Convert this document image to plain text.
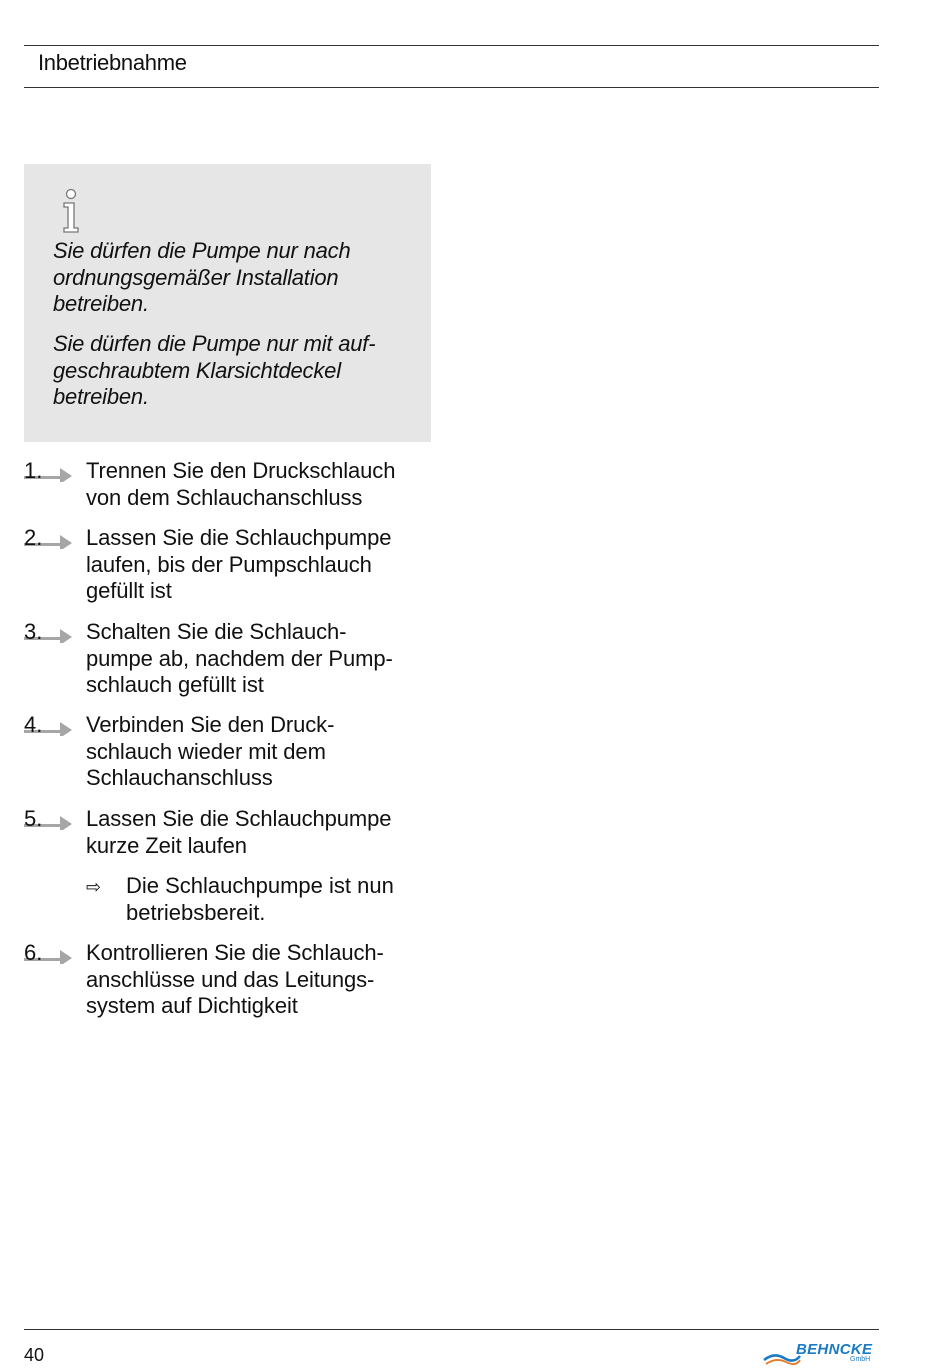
Inbetriebnahme

Sie dürfen die Pumpe nur nach
ordnungsgemäßer Installation
betreiben.

Sie dürfen die Pumpe nur mit auf-
geschraubtem Klarsichtdeckel
betreiben.

1. Trennen Sie den Druckschlauch
von dem Schlauchanschluss
2. Lassen Sie die Schlauchpumpe
laufen, bis der Pumpschlauch
gefüllt ist
3. Schalten Sie die Schlauch-
pumpe ab, nachdem der Pump-
schlauch gefüllt ist
4. Verbinden Sie den Druck-
schlauch wieder mit dem
Schlauchanschluss
5. Lassen Sie die Schlauchpumpe
kurze Zeit laufen
⇨ Die Schlauchpumpe ist nun
betriebsbereit.
6. Kontrollieren Sie die Schlauch-
anschlüsse und das Leitungs-
system auf Dichtigkeit
40	BEHNCKE
GmbH
